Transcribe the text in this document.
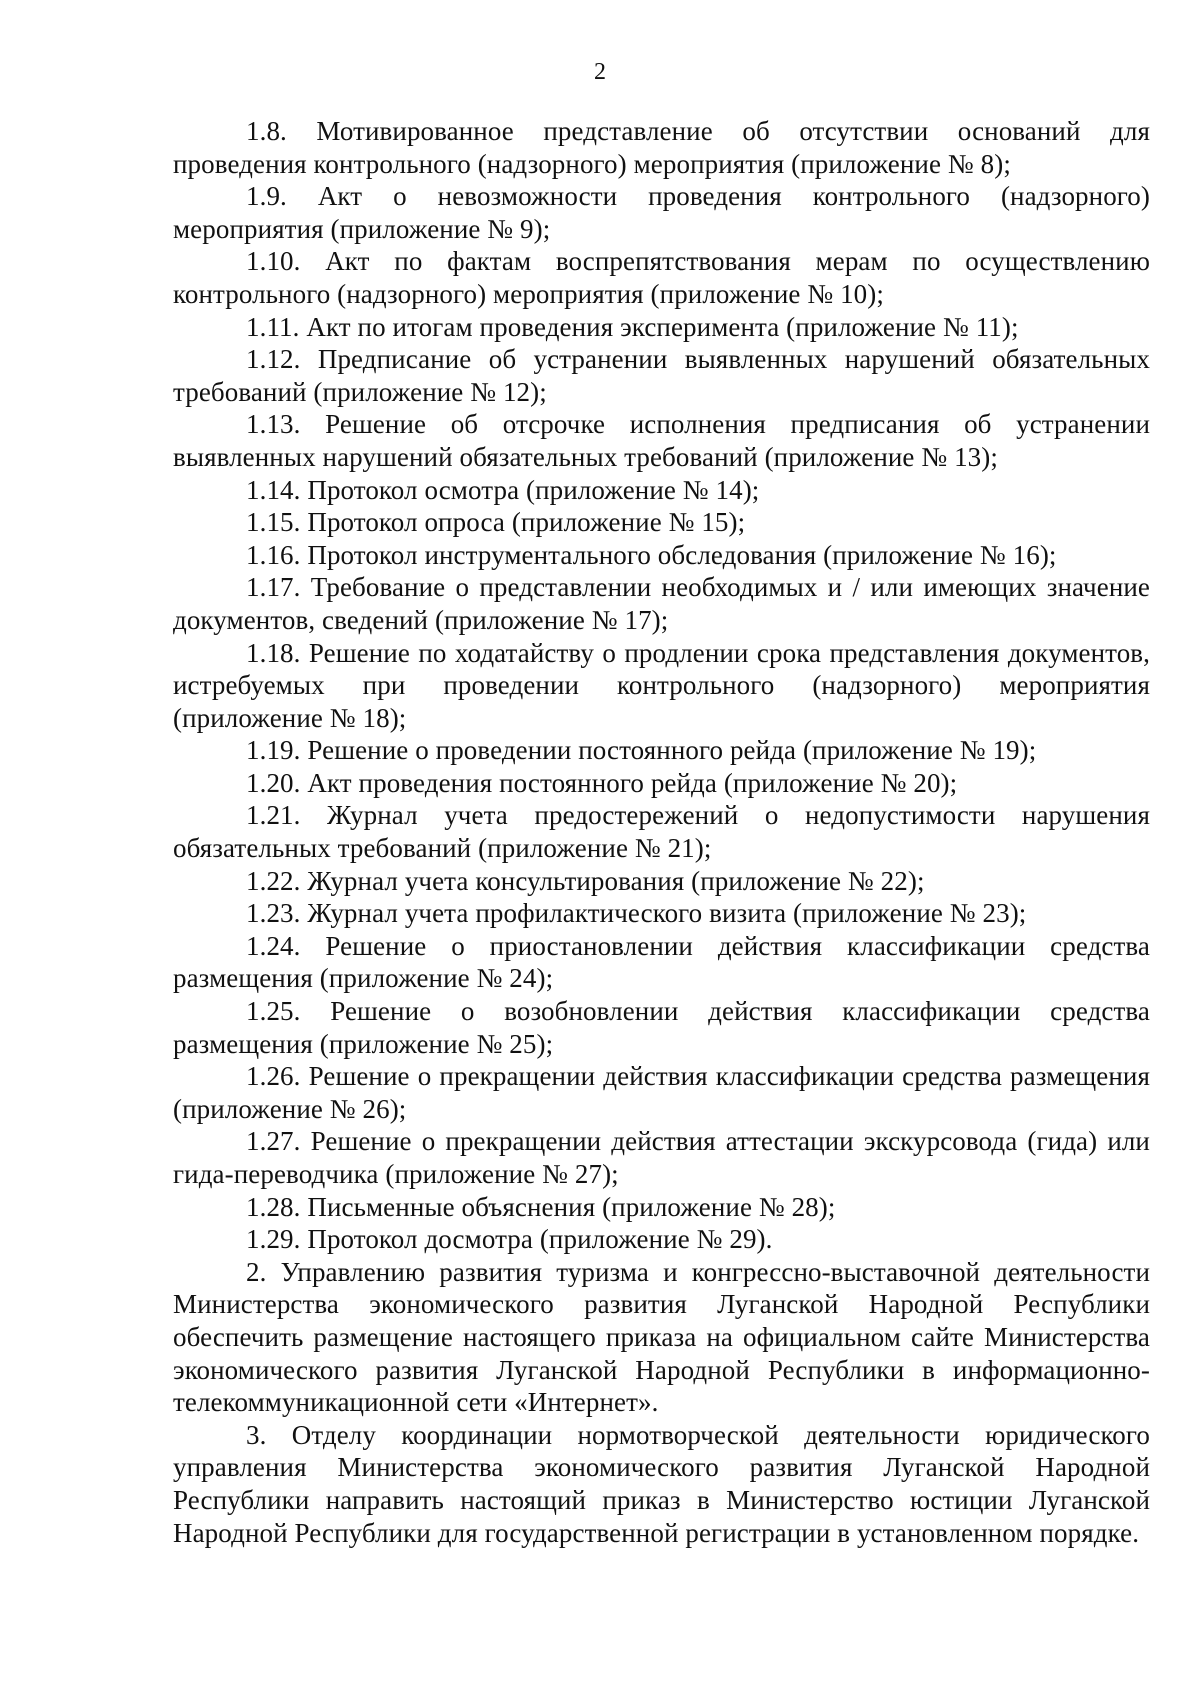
2

1.8. Мотивированное представление об отсутствии оснований для проведения контрольного (надзорного) мероприятия (приложение № 8);

1.9. Акт о невозможности проведения контрольного (надзорного) мероприятия (приложение № 9);

1.10. Акт по фактам воспрепятствования мерам по осуществлению контрольного (надзорного) мероприятия (приложение № 10);

1.11. Акт по итогам проведения эксперимента (приложение № 11);

1.12. Предписание об устранении выявленных нарушений обязательных требований (приложение № 12);

1.13. Решение об отсрочке исполнения предписания об устранении выявленных нарушений обязательных требований (приложение № 13);

1.14. Протокол осмотра (приложение № 14);

1.15. Протокол опроса (приложение № 15);

1.16. Протокол инструментального обследования (приложение № 16);

1.17. Требование о представлении необходимых и / или имеющих значение документов, сведений (приложение № 17);

1.18. Решение по ходатайству о продлении срока представления документов, истребуемых при проведении контрольного (надзорного) мероприятия (приложение № 18);

1.19. Решение о проведении постоянного рейда (приложение № 19);

1.20. Акт проведения постоянного рейда (приложение № 20);

1.21. Журнал учета предостережений о недопустимости нарушения обязательных требований (приложение № 21);

1.22. Журнал учета консультирования (приложение № 22);

1.23. Журнал учета профилактического визита (приложение № 23);

1.24. Решение о приостановлении действия классификации средства размещения (приложение № 24);

1.25. Решение о возобновлении действия классификации средства размещения (приложение № 25);

1.26. Решение о прекращении действия классификации средства размещения (приложение № 26);

1.27. Решение о прекращении действия аттестации экскурсовода (гида) или гида-переводчика (приложение № 27);

1.28. Письменные объяснения (приложение № 28);

1.29. Протокол досмотра (приложение № 29).

2. Управлению развития туризма и конгрессно-выставочной деятельности Министерства экономического развития Луганской Народной Республики обеспечить размещение настоящего приказа на официальном сайте Министерства экономического развития Луганской Народной Республики в информационно-телекоммуникационной сети «Интернет».

3. Отделу координации нормотворческой деятельности юридического управления Министерства экономического развития Луганской Народной Республики направить настоящий приказ в Министерство юстиции Луганской Народной Республики для государственной регистрации в установленном порядке.
